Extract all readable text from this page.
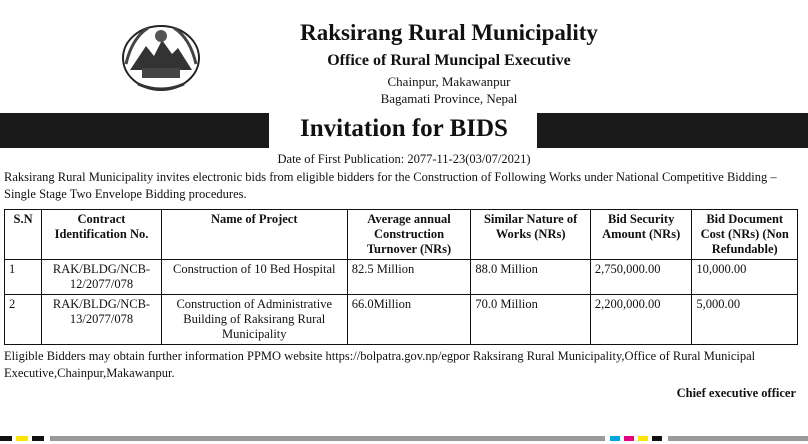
Raksirang Rural Municipality
Office of Rural Muncipal Executive
Chainpur, Makawanpur
Bagamati Province, Nepal
Invitation for BIDS
Date of First Publication: 2077-11-23(03/07/2021)
Raksirang Rural Municipality invites electronic bids from eligible bidders for the Construction of Following Works under National Competitive Bidding – Single Stage Two Envelope Bidding procedures.
S.N	Contract Identification No.	Name of Project	Average annual Construction Turnover (NRs)	Similar Nature of Works (NRs)	Bid Security Amount (NRs)	Bid Document Cost (NRs) (Non Refundable)
1	RAK/BLDG/NCB-12/2077/078	Construction of 10 Bed Hospital	82.5 Million	88.0 Million	2,750,000.00	10,000.00
2	RAK/BLDG/NCB-13/2077/078	Construction of Administrative Building of Raksirang Rural Municipality	66.0Million	70.0 Million	2,200,000.00	5,000.00
Eligible Bidders may obtain further information PPMO website https://bolpatra.gov.np/egpor Raksirang Rural Municipality,Office of Rural Municipal Executive,Chainpur,Makawanpur.
Chief executive officer
